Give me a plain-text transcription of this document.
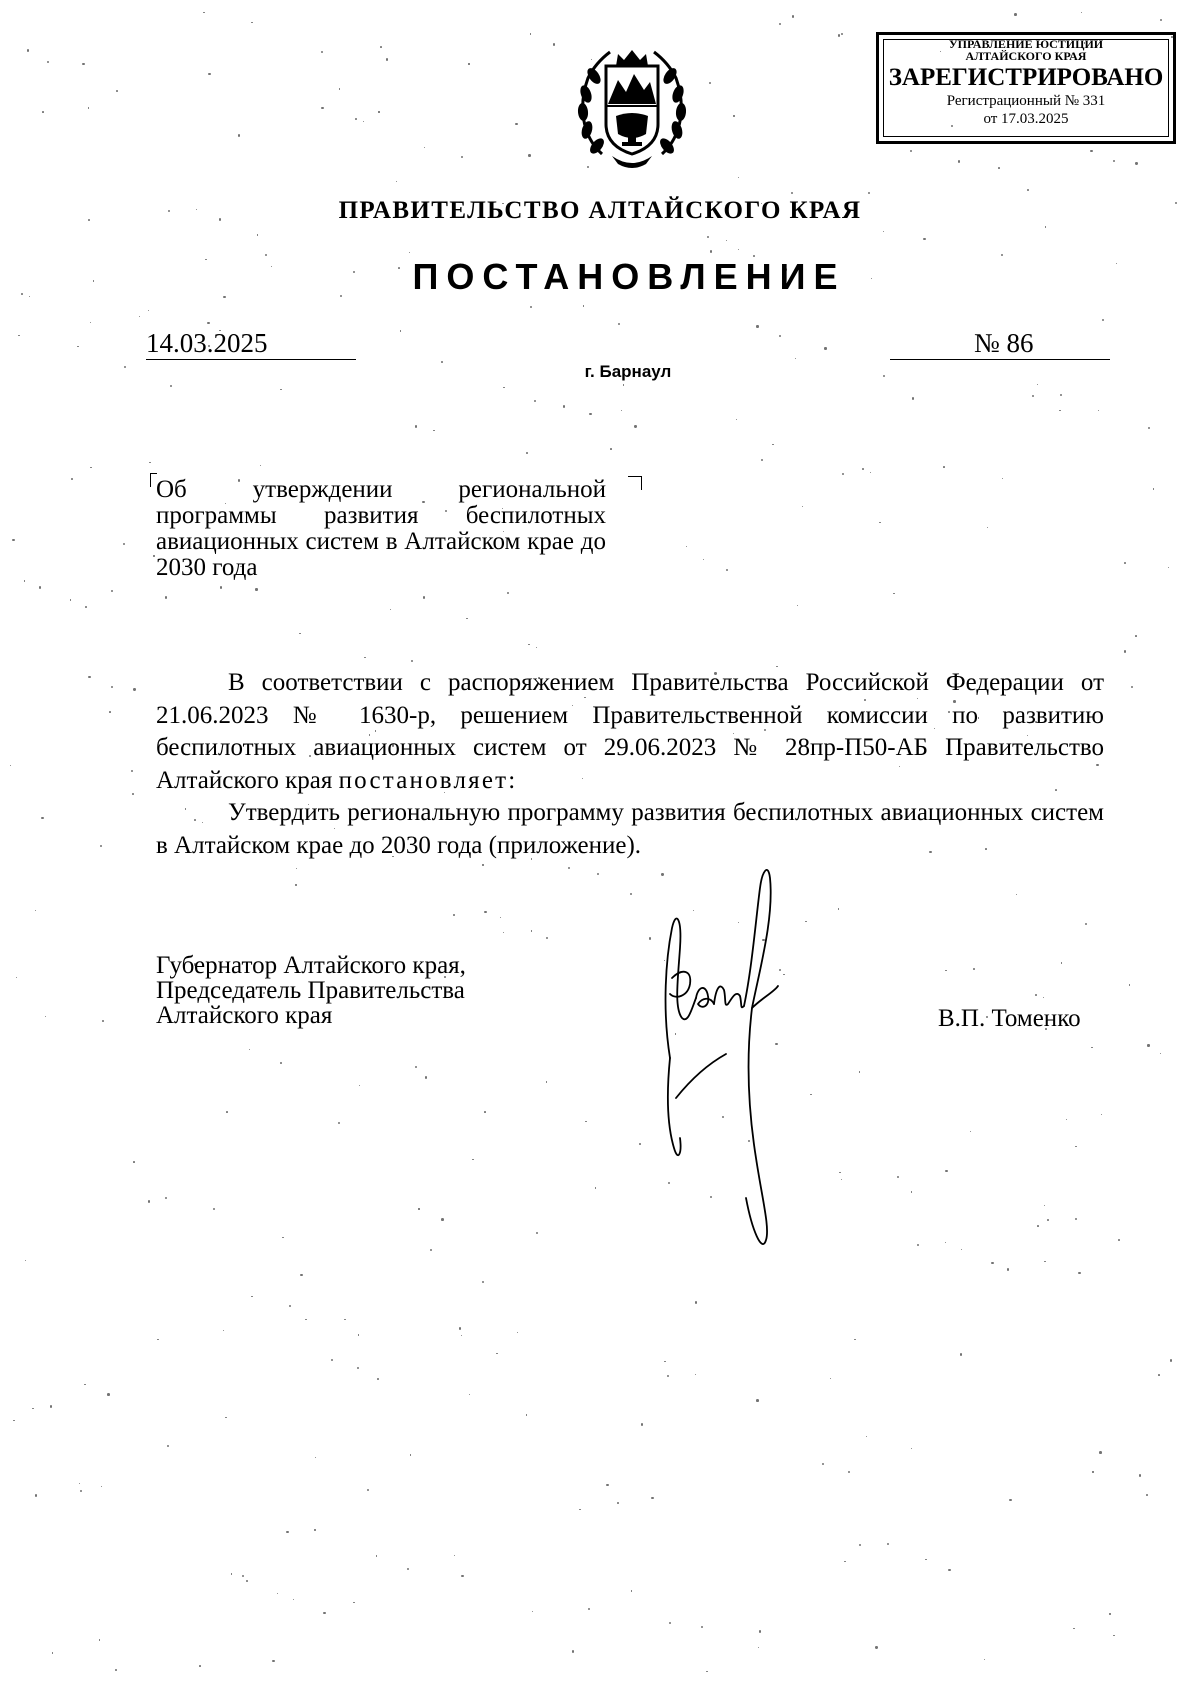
УПРАВЛЕНИЕ ЮСТИЦИИ
АЛТАЙСКОГО КРАЯ
ЗАРЕГИСТРИРОВАНО
Регистрационный № 331
от 17.03.2025
ПРАВИТЕЛЬСТВО АЛТАЙСКОГО КРАЯ
ПОСТАНОВЛЕНИЕ
14.03.2025	№ 86
г. Барнаул
Об утверждении региональной программы развития беспилотных авиационных систем в Алтайском крае до 2030 года
В соответствии с распоряжением Правительства Российской Федерации от 21.06.2023 № 1630-р, решением Правительственной комиссии по развитию беспилотных авиационных систем от 29.06.2023 № 28пр-П50-АБ Правительство Алтайского края постановляет:
Утвердить региональную программу развития беспилотных авиационных систем в Алтайском крае до 2030 года (приложение).
Губернатор Алтайского края,
Председатель Правительства
Алтайского края	В.П. Томенко
